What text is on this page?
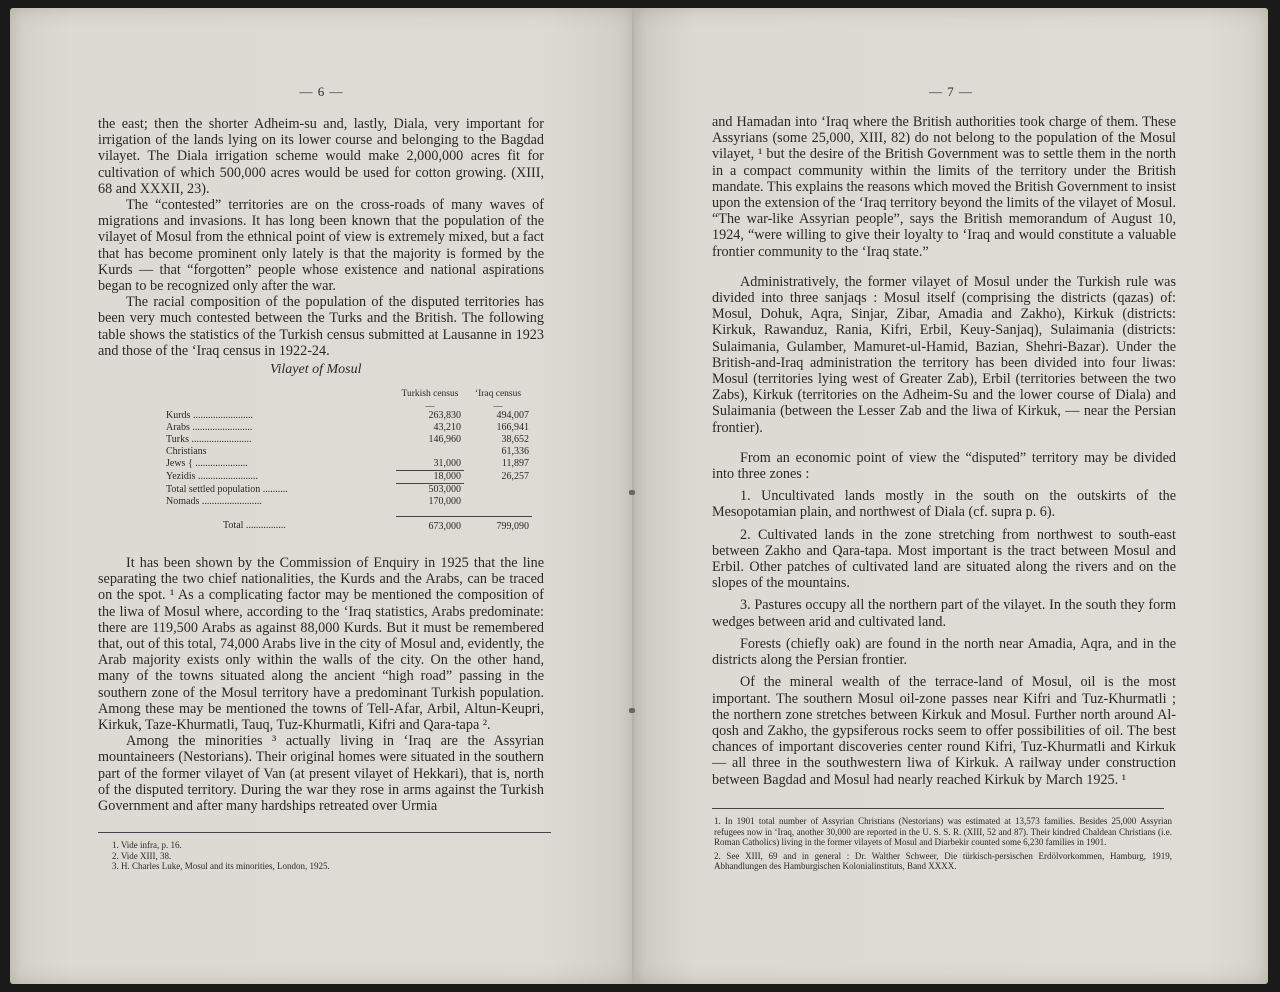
— 6 —	— 7 —

the east; then the shorter Adheim-su and, lastly, Diala, very important for irrigation of the lands lying on its lower course and belonging to the Bagdad vilayet. The Diala irrigation scheme would make 2,000,000 acres fit for cultivation of which 500,000 acres would be used for cotton growing. (XIII, 68 and XXXII, 23).

The “contested” territories are on the cross-roads of many waves of migrations and invasions. It has long been known that the population of the vilayet of Mosul from the ethnical point of view is extremely mixed, but a fact that has become prominent only lately is that the majority is formed by the Kurds — that “forgotten” people whose existence and national aspirations began to be recognized only after the war.

The racial composition of the population of the disputed territories has been very much contested between the Turks and the British. The following table shows the statistics of the Turkish census submitted at Lausanne in 1923 and those of the ‘Iraq census in 1922-24.

Vilayet of Mosul
	Turkish census	‘Iraq census
	—	—
Kurds ........................	263,830	494,007
Arabs ........................	43,210	166,941
Turks ........................	146,960	38,652
Christians		61,336
Jews { .....................	31,000	11,897
Yezidis ........................	18,000	26,257
Total settled population ..........	503,000	
Nomads ........................	170,000	

Total ................	673,000	799,090

It has been shown by the Commission of Enquiry in 1925 that the line separating the two chief nationalities, the Kurds and the Arabs, can be traced on the spot. ¹ As a complicating factor may be mentioned the composition of the liwa of Mosul where, according to the ‘Iraq statistics, Arabs predominate: there are 119,500 Arabs as against 88,000 Kurds. But it must be remembered that, out of this total, 74,000 Arabs live in the city of Mosul and, evidently, the Arab majority exists only within the walls of the city. On the other hand, many of the towns situated along the ancient “high road” passing in the southern zone of the Mosul territory have a predominant Turkish population. Among these may be mentioned the towns of Tell-Afar, Arbil, Altun-Keupri, Kirkuk, Taze-Khurmatli, Tauq, Tuz-Khurmatli, Kifri and Qara-tapa ².

Among the minorities ³ actually living in ‘Iraq are the Assyrian mountaineers (Nestorians). Their original homes were situated in the southern part of the former vilayet of Van (at present vilayet of Hekkari), that is, north of the disputed territory. During the war they rose in arms against the Turkish Government and after many hardships retreated over Urmia

1. Vide infra, p. 16.

2. Vide XIII, 38.

3. H. Charles Luke, Mosul and its minorities, London, 1925.

and Hamadan into ‘Iraq where the British authorities took charge of them. These Assyrians (some 25,000, XIII, 82) do not belong to the population of the Mosul vilayet, ¹ but the desire of the British Government was to settle them in the north in a compact community within the limits of the territory under the British mandate. This explains the reasons which moved the British Government to insist upon the extension of the ‘Iraq territory beyond the limits of the vilayet of Mosul. “The war-like Assyrian people”, says the British memorandum of August 10, 1924, “were willing to give their loyalty to ‘Iraq and would constitute a valuable frontier community to the ‘Iraq state.”

Administratively, the former vilayet of Mosul under the Turkish rule was divided into three sanjaqs : Mosul itself (comprising the districts (qazas) of: Mosul, Dohuk, Aqra, Sinjar, Zibar, Amadia and Zakho), Kirkuk (districts: Kirkuk, Rawanduz, Rania, Kifri, Erbil, Keuy-Sanjaq), Sulaimania (districts: Sulaimania, Gulamber, Mamuret-ul-Hamid, Bazian, Shehri-Bazar). Under the British-and-Iraq administration the territory has been divided into four liwas: Mosul (territories lying west of Greater Zab), Erbil (territories between the two Zabs), Kirkuk (territories on the Adheim-Su and the lower course of Diala) and Sulaimania (between the Lesser Zab and the liwa of Kirkuk, — near the Persian frontier).

From an economic point of view the “disputed” territory may be divided into three zones :

1. Uncultivated lands mostly in the south on the outskirts of the Mesopotamian plain, and northwest of Diala (cf. supra p. 6).

2. Cultivated lands in the zone stretching from northwest to south-east between Zakho and Qara-tapa. Most important is the tract between Mosul and Erbil. Other patches of cultivated land are situated along the rivers and on the slopes of the mountains.

3. Pastures occupy all the northern part of the vilayet. In the south they form wedges between arid and cultivated land.

Forests (chiefly oak) are found in the north near Amadia, Aqra, and in the districts along the Persian frontier.

Of the mineral wealth of the terrace-land of Mosul, oil is the most important. The southern Mosul oil-zone passes near Kifri and Tuz-Khurmatli ; the northern zone stretches between Kirkuk and Mosul. Further north around Al-qosh and Zakho, the gypsiferous rocks seem to offer possibilities of oil. The best chances of important discoveries center round Kifri, Tuz-Khurmatli and Kirkuk — all three in the southwestern liwa of Kirkuk. A railway under construction between Bagdad and Mosul had nearly reached Kirkuk by March 1925. ¹

1. In 1901 total number of Assyrian Christians (Nestorians) was estimated at 13,573 families. Besides 25,000 Assyrian refugees now in ‘Iraq, another 30,000 are reported in the U. S. S. R. (XIII, 52 and 87). Their kindred Chaldean Christians (i.e. Roman Catholics) living in the former vilayets of Mosul and Diarbekir counted some 6,230 families in 1901.

2. See XIII, 69 and in general : Dr. Walther Schweer, Die türkisch-persischen Erdölvorkommen, Hamburg, 1919, Abhandlungen des Hamburgischen Kolonialinstituts, Band XXXX.
